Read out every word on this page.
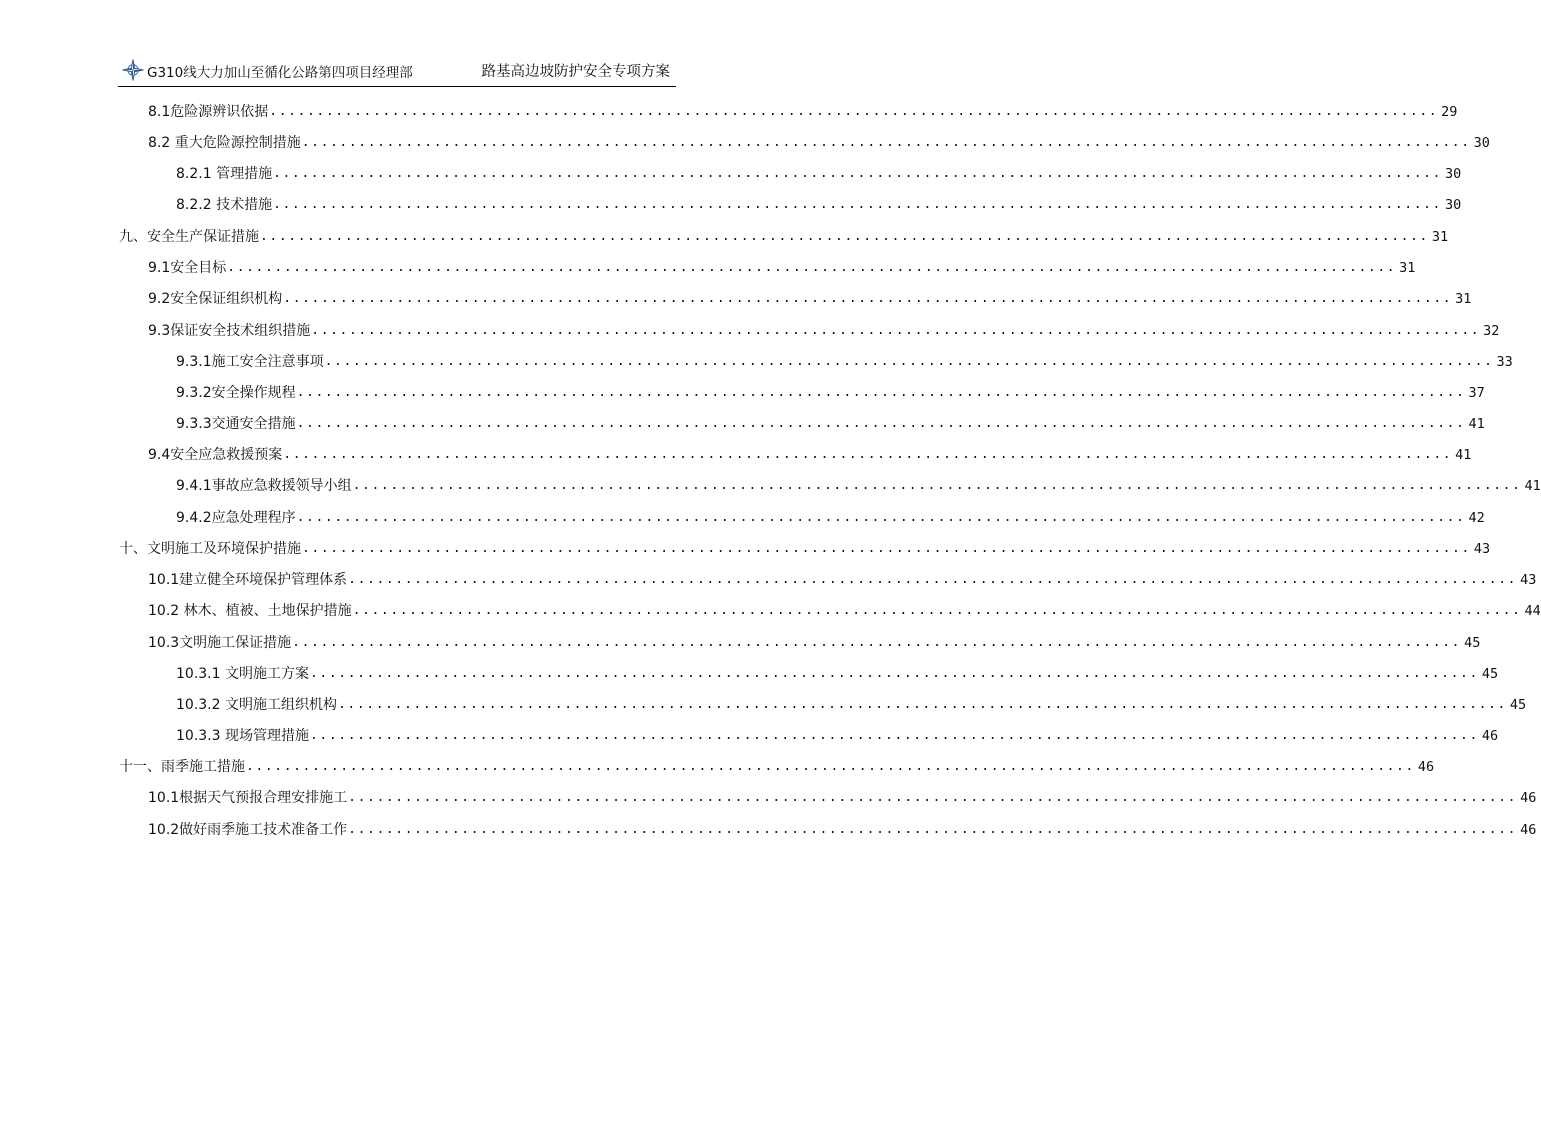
G310线大力加山至循化公路第四项目经理部	路基高边坡防护安全专项方案
8.1危险源辨识依据 ............................................................................................................................ 29
8.2 重大危险源控制措施 ............................................................................................................................ 30
8.2.1 管理措施 ............................................................................................................................ 30
8.2.2 技术措施 ............................................................................................................................ 30
九、安全生产保证措施 ............................................................................................................................ 31
9.1安全目标 ............................................................................................................................ 31
9.2安全保证组织机构 ............................................................................................................................ 31
9.3保证安全技术组织措施 ............................................................................................................................ 32
9.3.1施工安全注意事项 ............................................................................................................................ 33
9.3.2安全操作规程 ............................................................................................................................ 37
9.3.3交通安全措施 ............................................................................................................................ 41
9.4安全应急救援预案 ............................................................................................................................ 41
9.4.1事故应急救援领导小组 ............................................................................................................................ 41
9.4.2应急处理程序 ............................................................................................................................ 42
十、文明施工及环境保护措施 ............................................................................................................................ 43
10.1建立健全环境保护管理体系 ............................................................................................................................ 43
10.2 林木、植被、土地保护措施 ............................................................................................................................ 44
10.3文明施工保证措施 ............................................................................................................................ 45
10.3.1 文明施工方案 ............................................................................................................................ 45
10.3.2 文明施工组织机构 ............................................................................................................................ 45
10.3.3 现场管理措施 ............................................................................................................................ 46
十一、雨季施工措施 ............................................................................................................................ 46
10.1根据天气预报合理安排施工 ............................................................................................................................ 46
10.2做好雨季施工技术准备工作 ............................................................................................................................ 46
